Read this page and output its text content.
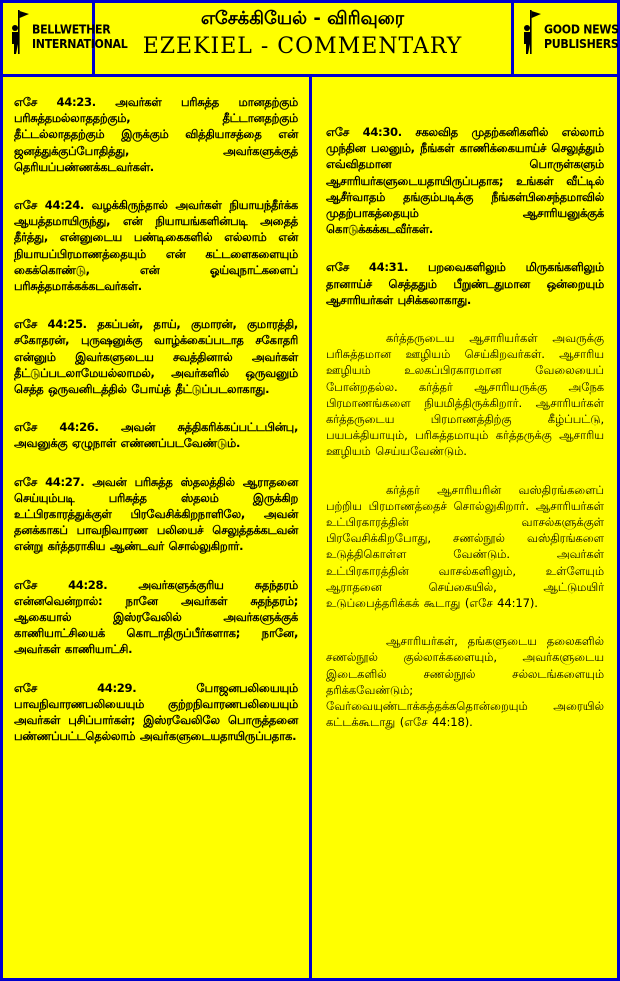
BELLWETHER
INTERNATIONAL
எசேக்கியேல் - விரிவுரை
EZEKIEL - COMMENTARY
GOOD NEWS
PUBLISHERS

எசே 44:23. அவர்கள் பரிசுத்த மானதற்கும் பரிசுத்தமல்லாததற்கும், தீட்டானதற்கும் தீட்டல்லாததற்கும் இருக்கும் வித்தியாசத்தை என் ஜனத்துக்குப்போதித்து, அவர்களுக்குத் தெரியப்பண்ணக்கடவர்கள்.

எசே 44:24. வழக்கிருந்தால் அவர்கள் நியாயந்தீர்க்க ஆயத்தமாயிருந்து, என் நியாயங்களின்படி அதைத் தீர்த்து, என்னுடைய பண்டிகைகளில் எல்லாம் என் நியாயப்பிரமாணத்தையும் என் கட்டளைகளையும் கைக்கொண்டு, என் ஓய்வுநாட்களைப் பரிசுத்தமாக்கக்கடவர்கள்.

எசே 44:25. தகப்பன், தாய், குமாரன், குமாரத்தி, சகோதரன், புருஷனுக்கு வாழ்க்கைப்படாத சகோதரி என்னும் இவர்களுடைய சவத்தினால் அவர்கள் தீட்டுப்படலாமேயல்லாமல், அவர்களில் ஒருவனும் செத்த ஒருவனிடத்தில் போய்த் தீட்டுப்படலாகாது.

எசே 44:26. அவன் சுத்திகரிக்கப்பட்டபின்பு, அவனுக்கு ஏழுநாள் எண்ணப்படவேண்டும்.

எசே 44:27. அவன் பரிசுத்த ஸ்தலத்தில் ஆராதனை செய்யும்படி பரிசுத்த ஸ்தலம் இருக்கிற உட்பிரகாரத்துக்குள் பிரவேசிக்கிறநாளிலே, அவன் தனக்காகப் பாவநிவாரண பலியைச் செலுத்தக்கடவன் என்று கர்த்தராகிய ஆண்டவர் சொல்லுகிறார்.

எசே 44:28. அவர்களுக்குரிய சுதந்தரம் என்னவென்றால்: நானே அவர்கள் சுதந்தரம்; ஆகையால் இஸ்ரவேலில் அவர்களுக்குக் காணியாட்சியைக் கொடாதிருப்பீர்களாக; நானே, அவர்கள் காணியாட்சி.

எசே 44:29. போஜனபலியையும் பாவநிவாரணபலியையும் குற்றநிவாரணபலியையும் அவர்கள் புசிப்பார்கள்; இஸ்ரவேலிலே பொருத்தனை பண்ணப்பட்டதெல்லாம் அவர்களுடையதாயிருப்பதாக.

எசே 44:30. சகலவித முதற்கனிகளில் எல்லாம் முந்தின பலனும், நீங்கள் காணிக்கையாய்ச் செலுத்தும் எவ்விதமான பொருள்களும் ஆசாரியர்களுடையதாயிருப்பதாக; உங்கள் வீட்டில் ஆசீர்வாதம் தங்கும்படிக்கு நீங்கள்பிசைந்தமாவில் முதற்பாகத்தையும் ஆசாரியனுக்குக் கொடுக்கக்கடவீர்கள்.

எசே 44:31. பறவைகளிலும் மிருகங்களிலும் தானாய்ச் செத்ததும் பீறுண்டதுமான ஒன்றையும் ஆசாரியர்கள் புசிக்கலாகாது.

கர்த்தருடைய ஆசாரியர்கள் அவருக்கு பரிசுத்தமான ஊழியம் செய்கிறவர்கள். ஆசாரிய ஊழியம் உலகப்பிரகாரமான வேலையைப் போன்றதல்ல. கர்த்தர் ஆசாரியருக்கு அநேக பிரமாணங்களை நியமித்திருக்கிறார். ஆசாரியர்கள் கர்த்தருடைய பிரமாணத்திற்கு கீழ்ப்பட்டு, பயபக்தியாயும், பரிசுத்தமாயும் கர்த்தருக்கு ஆசாரிய ஊழியம் செய்யவேண்டும்.

கர்த்தர் ஆசாரியரின் வஸ்திரங்களைப் பற்றிய பிரமாணத்தைச் சொல்லுகிறார். ஆசாரியர்கள் உட்பிரகாரத்தின் வாசல்களுக்குள் பிரவேசிக்கிறபோது, சணல்நூல் வஸ்திரங்களை உடுத்திகொள்ள வேண்டும். அவர்கள் உட்பிரகாரத்தின் வாசல்களிலும், உள்ளேயும் ஆராதனை செய்கையில், ஆட்டுமயிர் உடுப்பைத்தரிக்கக் கூடாது (எசே 44:17).

ஆசாரியர்கள், தங்களுடைய தலைகளில் சணல்நூல் குல்லாக்களையும், அவர்களுடைய இடைகளில் சணல்நூல் சல்லடங்களையும் தரிக்கவேண்டும்; வேர்வையுண்டாக்கத்தக்கதொன்றையும் அரையில் கட்டக்கூடாது (எசே 44:18).
